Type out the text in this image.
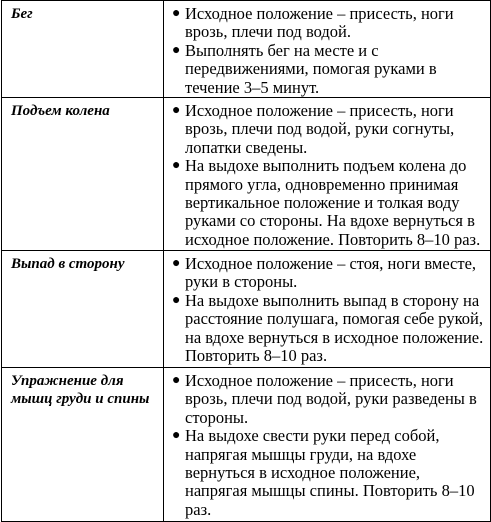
Бег	● Исходное положение – присесть, ноги врозь, плечи под водой.
● Выполнять бег на месте и с передвижениями, помогая руками в течение 3–5 минут.

Подъем колена	● Исходное положение – присесть, ноги врозь, плечи под водой, руки согнуты, лопатки сведены.
● На выдохе выполнить подъем колена до прямого угла, одновременно принимая вертикальное положение и толкая воду руками со стороны. На вдохе вернуться в исходное положение. Повторить 8–10 раз.

Выпад в сторону	● Исходное положение – стоя, ноги вместе, руки в стороны.
● На выдохе выполнить выпад в сторону на расстояние полушага, помогая себе рукой, на вдохе вернуться в исходное положение. Повторить 8–10 раз.

Упражнение для мышц груди и спины	● Исходное положение – присесть, ноги врозь, плечи под водой, руки разведены в стороны.
● На выдохе свести руки перед собой, напрягая мышцы груди, на вдохе вернуться в исходное положение, напрягая мышцы спины. Повторить 8–10 раз.
